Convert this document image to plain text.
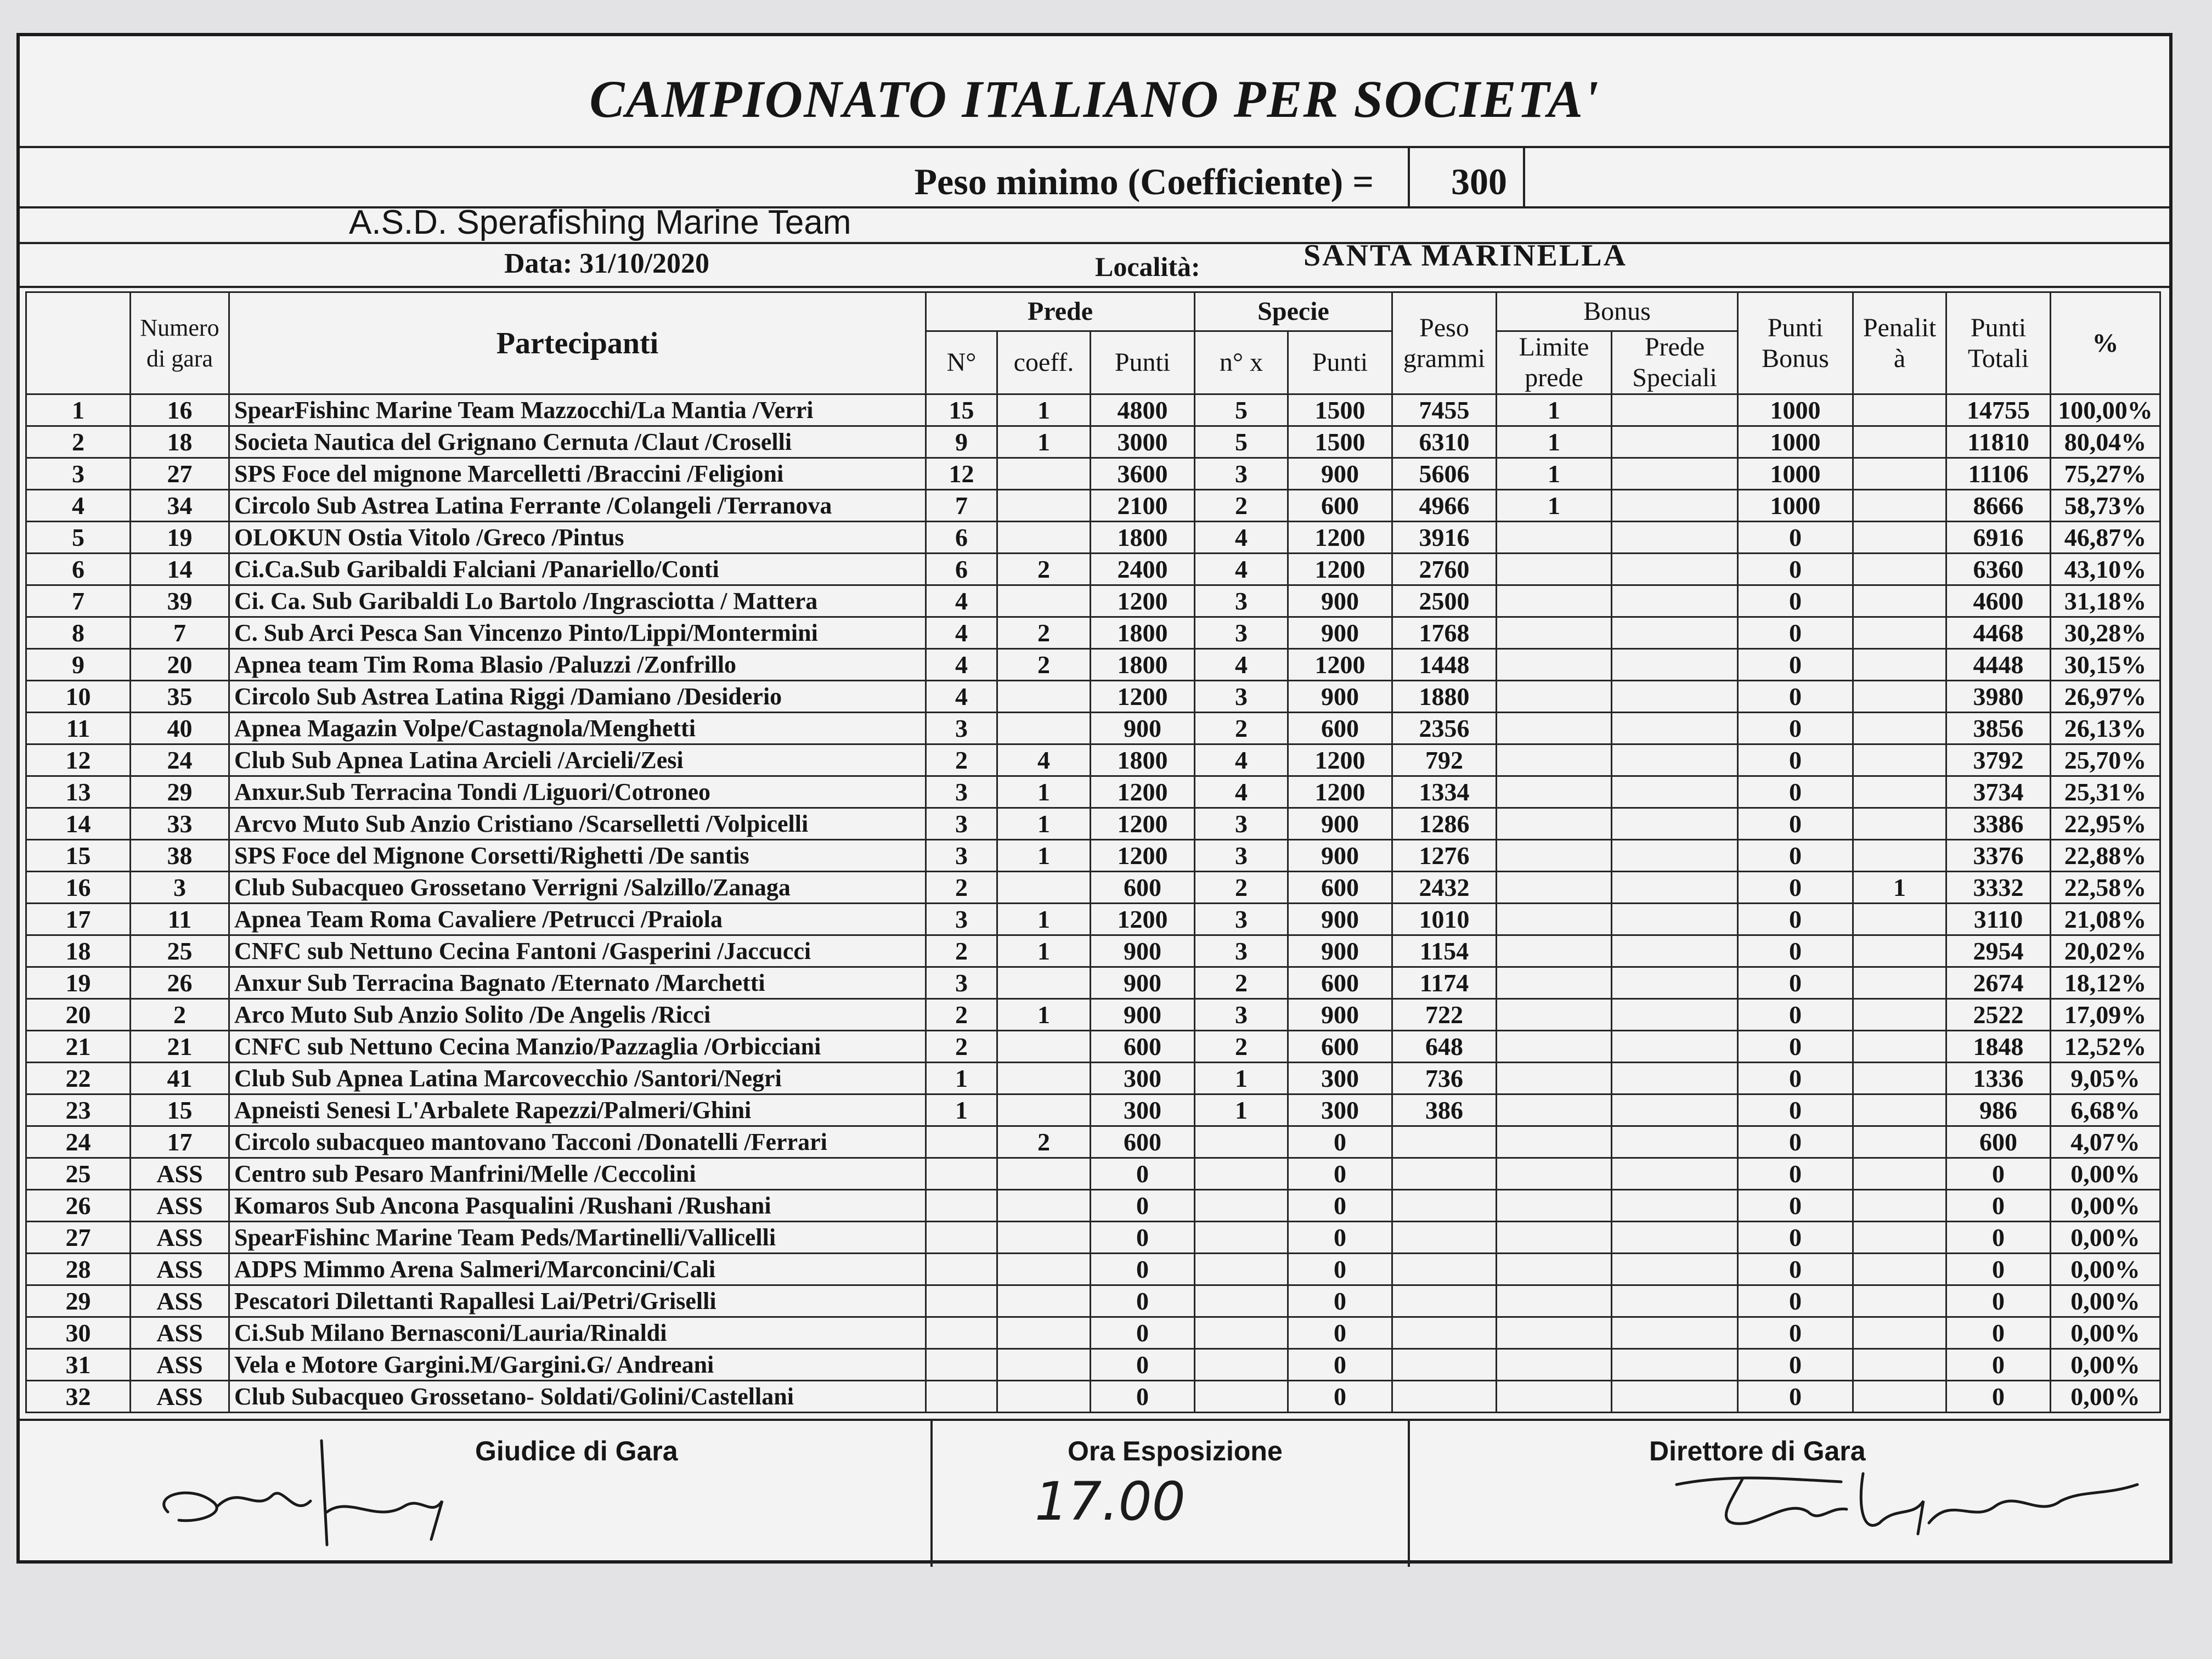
CAMPIONATO ITALIANO PER SOCIETA'
Peso minimo (Coefficiente) =	300
A.S.D. Sperafishing Marine Team
Data: 31/10/2020	Località:	SANTA MARINELLA
	Numero di gara	Partecipanti	Prede			Specie		Peso grammi	Bonus		Punti Bonus	Penalit à	Punti Totali	%
			N°	coeff.	Punti	n° x	Punti		Limite prede	Prede Speciali				
1	16	SpearFishinc Marine Team Mazzocchi/La Mantia /Verri	15	1	4800	5	1500	7455	1		1000		14755	100,00%
2	18	Societa Nautica del Grignano Cernuta /Claut /Croselli	9	1	3000	5	1500	6310	1		1000		11810	80,04%
3	27	SPS Foce del mignone Marcelletti /Braccini /Feligioni	12		3600	3	900	5606	1		1000		11106	75,27%
4	34	Circolo Sub Astrea Latina Ferrante /Colangeli /Terranova	7		2100	2	600	4966	1		1000		8666	58,73%
5	19	OLOKUN Ostia Vitolo /Greco /Pintus	6		1800	4	1200	3916			0		6916	46,87%
6	14	Ci.Ca.Sub Garibaldi Falciani /Panariello/Conti	6	2	2400	4	1200	2760			0		6360	43,10%
7	39	Ci. Ca. Sub Garibaldi Lo Bartolo /Ingrasciotta / Mattera	4		1200	3	900	2500			0		4600	31,18%
8	7	C. Sub Arci Pesca San Vincenzo Pinto/Lippi/Montermini	4	2	1800	3	900	1768			0		4468	30,28%
9	20	Apnea team Tim Roma Blasio /Paluzzi /Zonfrillo	4	2	1800	4	1200	1448			0		4448	30,15%
10	35	Circolo Sub Astrea Latina Riggi /Damiano /Desiderio	4		1200	3	900	1880			0		3980	26,97%
11	40	Apnea Magazin Volpe/Castagnola/Menghetti	3		900	2	600	2356			0		3856	26,13%
12	24	Club Sub Apnea Latina Arcieli /Arcieli/Zesi	2	4	1800	4	1200	792			0		3792	25,70%
13	29	Anxur.Sub Terracina Tondi /Liguori/Cotroneo	3	1	1200	4	1200	1334			0		3734	25,31%
14	33	Arcvo Muto Sub Anzio Cristiano /Scarselletti /Volpicelli	3	1	1200	3	900	1286			0		3386	22,95%
15	38	SPS Foce del Mignone Corsetti/Righetti /De santis	3	1	1200	3	900	1276			0		3376	22,88%
16	3	Club Subacqueo Grossetano Verrigni /Salzillo/Zanaga	2		600	2	600	2432			0	1	3332	22,58%
17	11	Apnea Team Roma Cavaliere /Petrucci /Praiola	3	1	1200	3	900	1010			0		3110	21,08%
18	25	CNFC sub Nettuno Cecina Fantoni /Gasperini /Jaccucci	2	1	900	3	900	1154			0		2954	20,02%
19	26	Anxur Sub Terracina Bagnato /Eternato /Marchetti	3		900	2	600	1174			0		2674	18,12%
20	2	Arco Muto Sub Anzio Solito /De Angelis /Ricci	2	1	900	3	900	722			0		2522	17,09%
21	21	CNFC sub Nettuno Cecina Manzio/Pazzaglia /Orbicciani	2		600	2	600	648			0		1848	12,52%
22	41	Club Sub Apnea Latina Marcovecchio /Santori/Negri	1		300	1	300	736			0		1336	9,05%
23	15	Apneisti Senesi L'Arbalete Rapezzi/Palmeri/Ghini	1		300	1	300	386			0		986	6,68%
24	17	Circolo subacqueo mantovano Tacconi /Donatelli /Ferrari		2	600		0				0		600	4,07%
25	ASS	Centro sub Pesaro Manfrini/Melle /Ceccolini			0		0				0		0	0,00%
26	ASS	Komaros Sub Ancona Pasqualini /Rushani /Rushani			0		0				0		0	0,00%
27	ASS	SpearFishinc Marine Team Peds/Martinelli/Vallicelli			0		0				0		0	0,00%
28	ASS	ADPS Mimmo Arena Salmeri/Marconcini/Cali			0		0				0		0	0,00%
29	ASS	Pescatori Dilettanti Rapallesi Lai/Petri/Griselli			0		0				0		0	0,00%
30	ASS	Ci.Sub Milano Bernasconi/Lauria/Rinaldi			0		0				0		0	0,00%
31	ASS	Vela e Motore Gargini.M/Gargini.G/ Andreani			0		0				0		0	0,00%
32	ASS	Club Subacqueo Grossetano- Soldati/Golini/Castellani			0		0				0		0	0,00%
Giudice di Gara	Ora Esposizione
17.00
Direttore di Gara
